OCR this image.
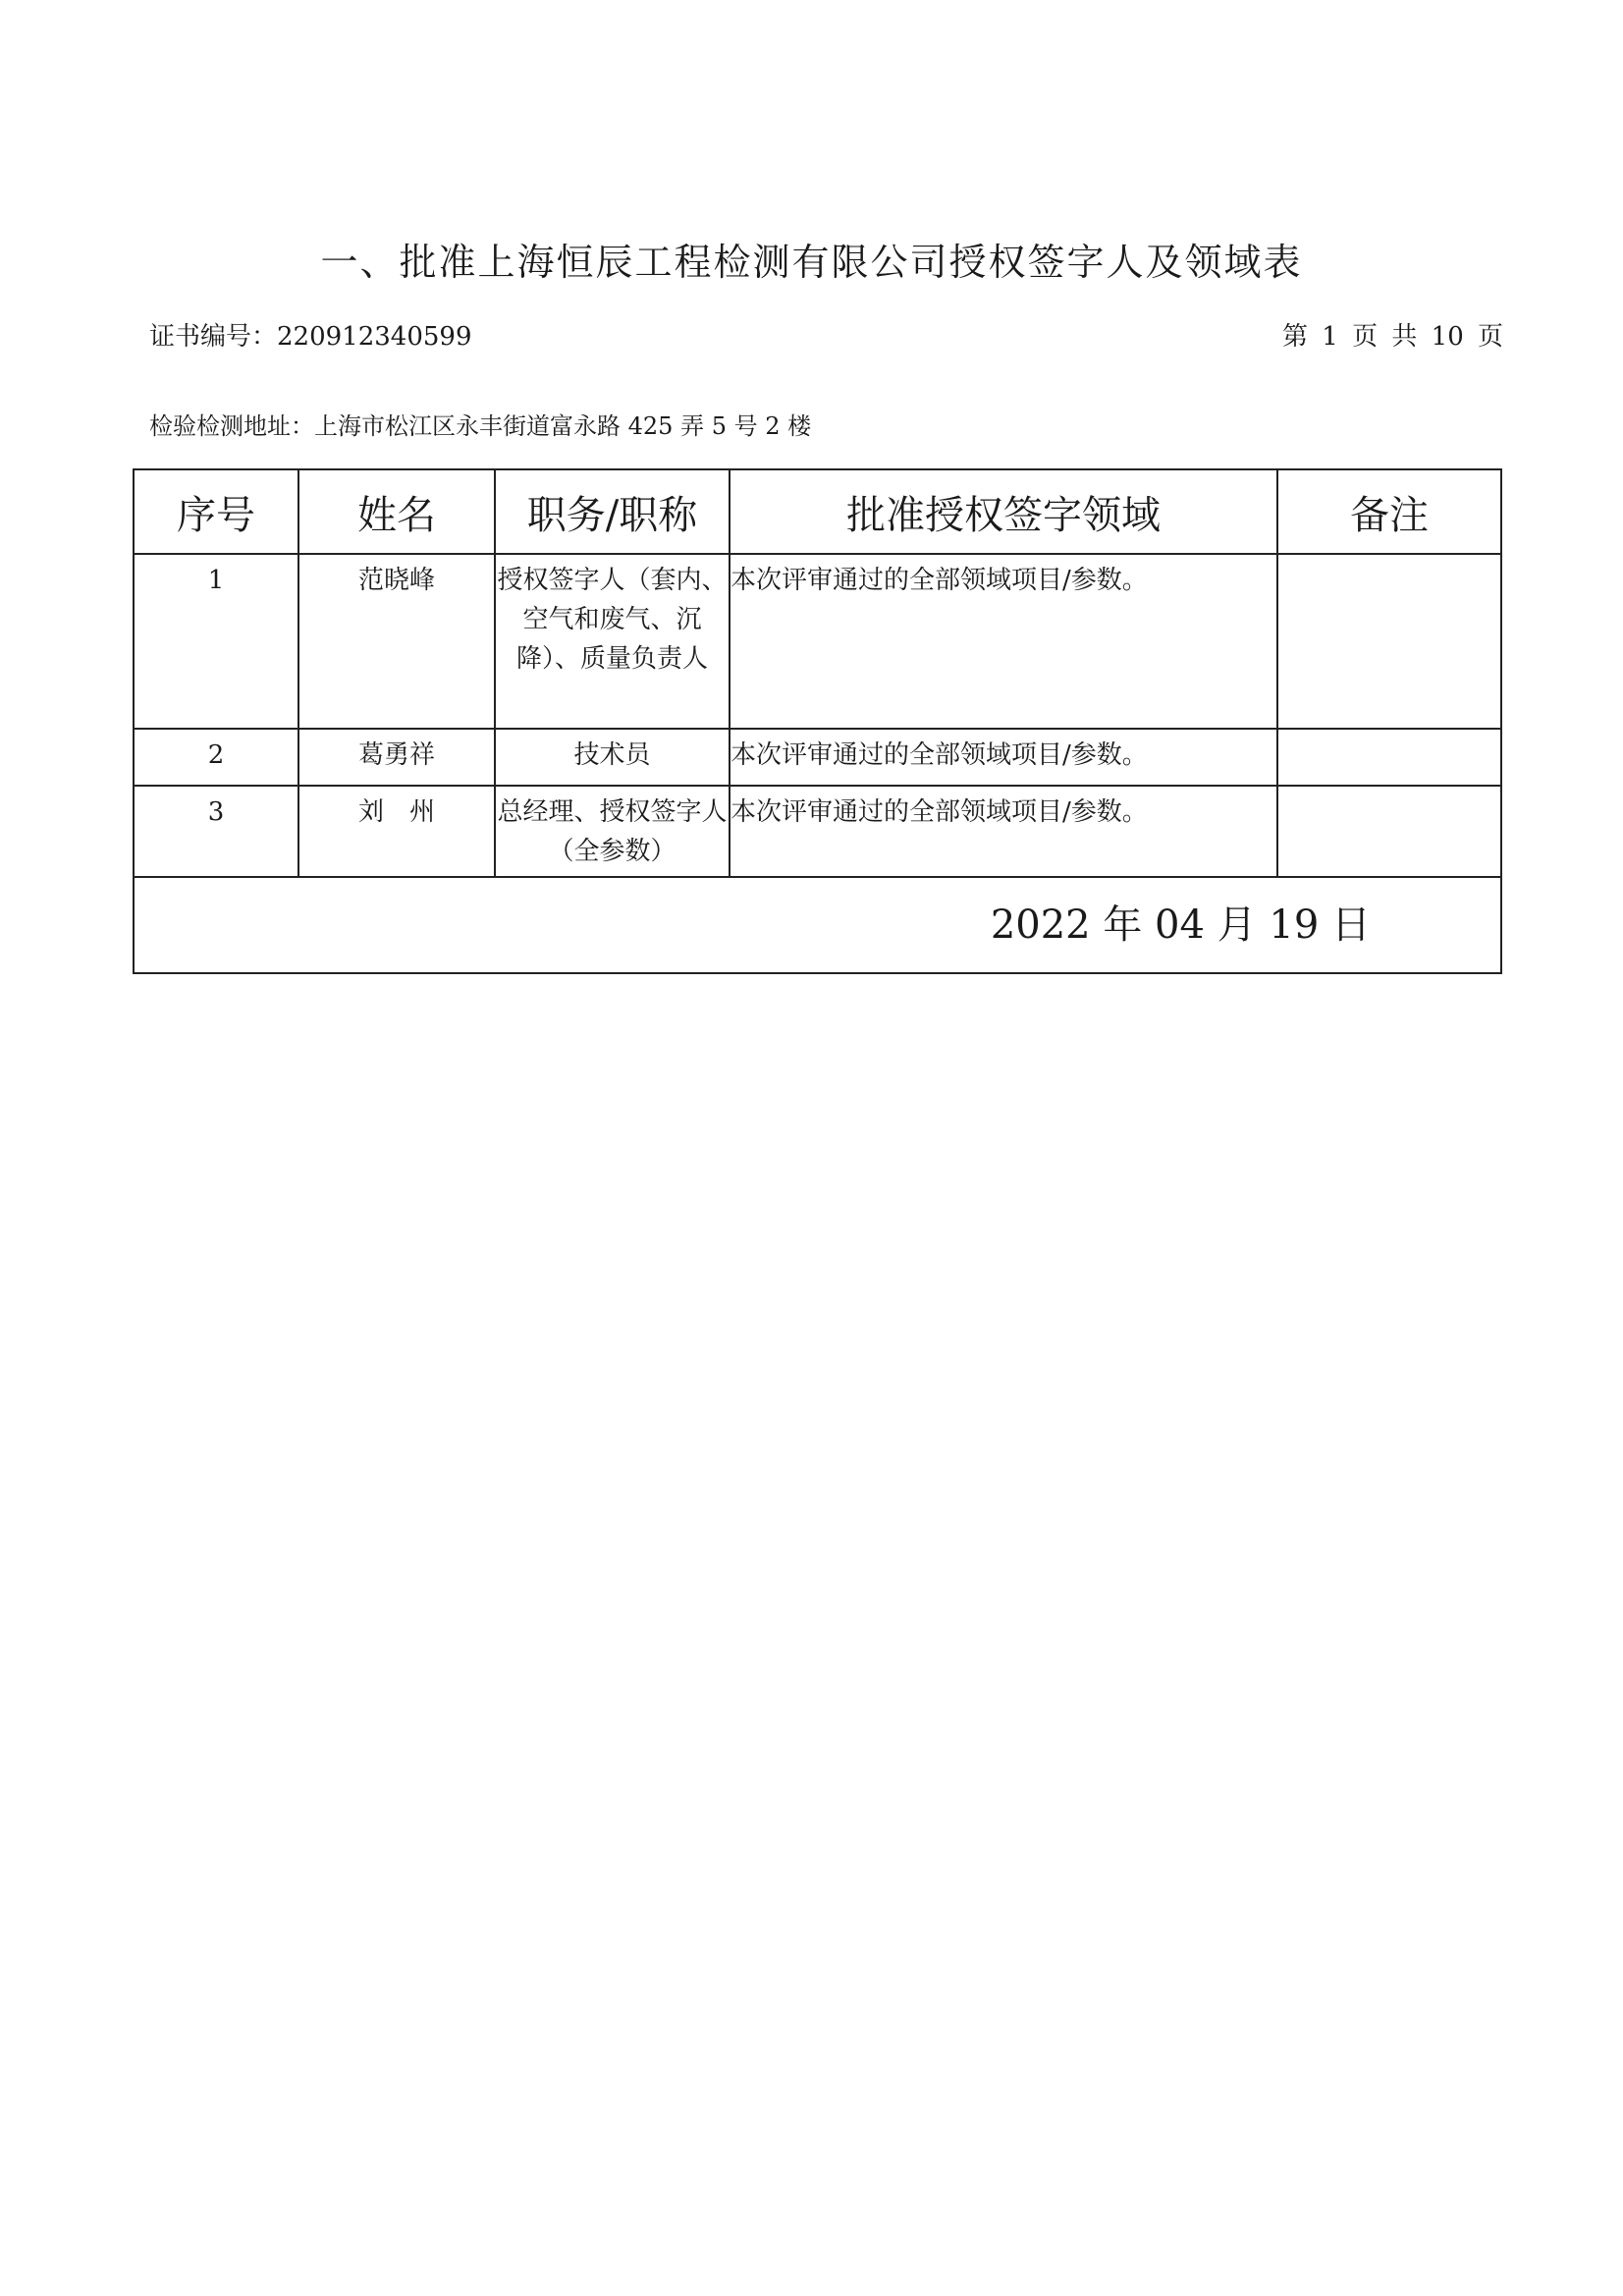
一、批准上海恒辰工程检测有限公司授权签字人及领域表
证书编号：220912340599	第 1 页 共 10 页
检验检测地址：上海市松江区永丰街道富永路 425 弄 5 号 2 楼
序号	姓名	职务/职称	批准授权签字领域	备注
1	范晓峰	授权签字人（套内、空气和废气、沉降）、质量负责人	本次评审通过的全部领域项目/参数。	
2	葛勇祥	技术员	本次评审通过的全部领域项目/参数。	
3	刘　州	总经理、授权签字人（全参数）	本次评审通过的全部领域项目/参数。	
2022 年 04 月 19 日				
